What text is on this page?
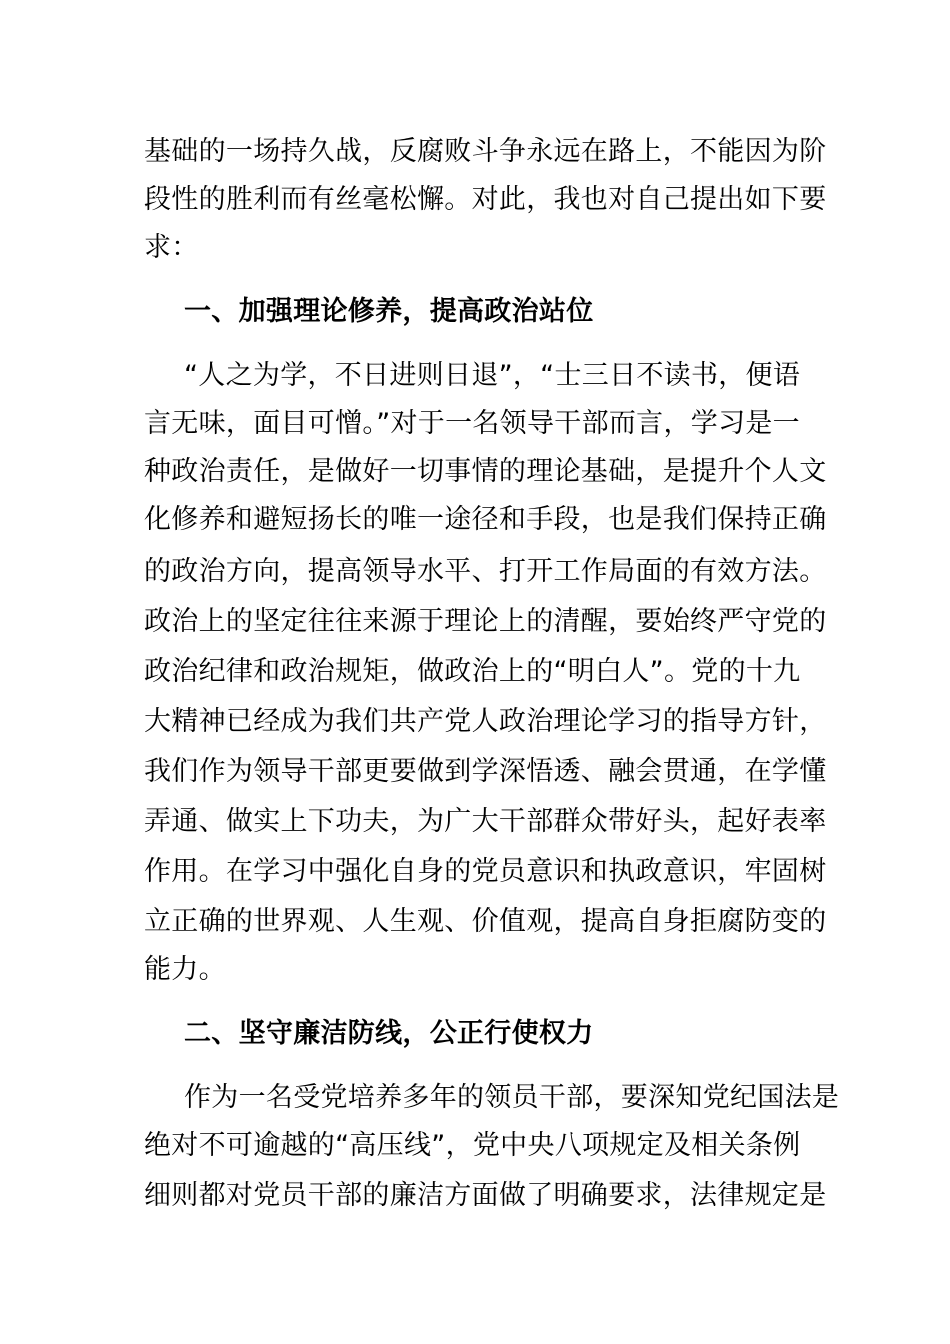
基础的一场持久战，反腐败斗争永远在路上，不能因为阶
段性的胜利而有丝毫松懈。对此，我也对自己提出如下要
求：
一、加强理论修养，提高政治站位
“人之为学，不日进则日退”，“士三日不读书，便语
言无味，面目可憎。”对于一名领导干部而言，学习是一
种政治责任，是做好一切事情的理论基础，是提升个人文
化修养和避短扬长的唯一途径和手段，也是我们保持正确
的政治方向，提高领导水平、打开工作局面的有效方法。
政治上的坚定往往来源于理论上的清醒，要始终严守党的
政治纪律和政治规矩，做政治上的“明白人”。党的十九
大精神已经成为我们共产党人政治理论学习的指导方针，
我们作为领导干部更要做到学深悟透、融会贯通，在学懂
弄通、做实上下功夫，为广大干部群众带好头，起好表率
作用。在学习中强化自身的党员意识和执政意识，牢固树
立正确的世界观、人生观、价值观，提高自身拒腐防变的
能力。
二、坚守廉洁防线，公正行使权力
作为一名受党培养多年的领员干部，要深知党纪国法是
绝对不可逾越的“高压线”，党中央八项规定及相关条例
细则都对党员干部的廉洁方面做了明确要求，法律规定是
